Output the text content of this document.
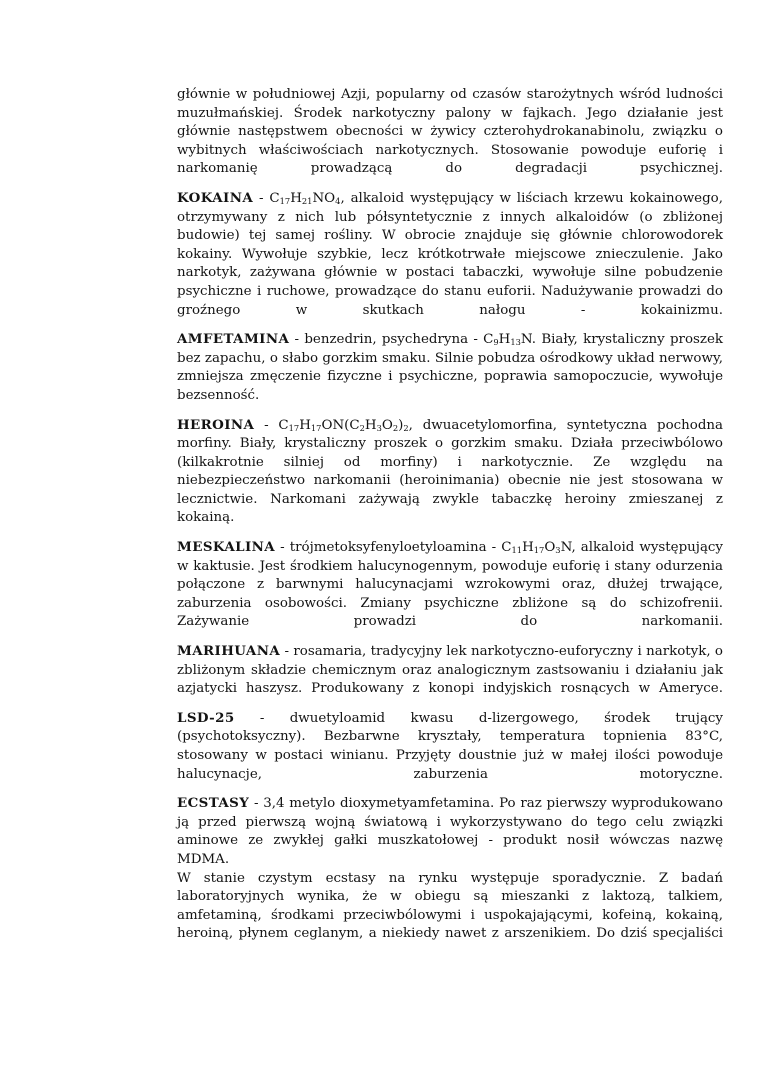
głównie w południowej Azji, popularny od czasów starożytnych wśród ludności muzułmańskiej. Środek narkotyczny palony w fajkach. Jego działanie jest głównie następstwem obecności w żywicy czterohydrokanabinolu, związku o wybitnych właściwościach narkotycznych. Stosowanie powoduje euforię i narkomanię prowadzącą do degradacji psychicznej.

KOKAINA - $C_{17}H_{21}NO_4$, alkaloid występujący w liściach krzewu kokainowego, otrzymywany z nich lub półsyntetycznie z innych alkaloidów (o zbliżonej budowie) tej samej rośliny. W obrocie znajduje się głównie chlorowodorek kokainy. Wywołuje szybkie, lecz krótkotrwałe miejscowe znieczulenie. Jako narkotyk, zażywana głównie w postaci tabaczki, wywołuje silne pobudzenie psychiczne i ruchowe, prowadzące do stanu euforii. Nadużywanie prowadzi do groźnego w skutkach nałogu - kokainizmu.

AMFETAMINA - benzedrin, psychedryna - $C_9H_{13}N$. Biały, krystaliczny proszek bez zapachu, o słabo gorzkim smaku. Silnie pobudza ośrodkowy układ nerwowy, zmniejsza zmęczenie fizyczne i psychiczne, poprawia samopoczucie, wywołuje bezsenność.

HEROINA - $C_{17}H_{17}ON(C_2H_3O_2)_2$, dwuacetylomorfina, syntetyczna pochodna morfiny. Biały, krystaliczny proszek o gorzkim smaku. Działa przeciwbólowo (kilkakrotnie silniej od morfiny) i narkotycznie. Ze względu na niebezpieczeństwo narkomanii (heroinimania) obecnie nie jest stosowana w lecznictwie. Narkomani zażywają zwykle tabaczkę heroiny zmieszanej z kokainą.

MESKALINA - trójmetoksyfenyloetyloamina - $C_{11}H_{17}O_3N$, alkaloid występujący w kaktusie. Jest środkiem halucynogennym, powoduje euforię i stany odurzenia połączone z barwnymi halucynacjami wzrokowymi oraz, dłużej trwające, zaburzenia osobowości. Zmiany psychiczne zbliżone są do schizofrenii. Zażywanie prowadzi do narkomanii.

MARIHUANA - rosamaria, tradycyjny lek narkotyczno-euforyczny i narkotyk, o zbliżonym składzie chemicznym oraz analogicznym zastsowaniu i działaniu jak azjatycki haszysz. Produkowany z konopi indyjskich rosnących w Ameryce.

LSD-25 - dwuetyloamid kwasu d-lizergowego, środek trujący (psychotoksyczny). Bezbarwne kryształy, temperatura topnienia 83°C, stosowany w postaci winianu. Przyjęty doustnie już w małej ilości powoduje halucynacje, zaburzenia motoryczne.

ECSTASY - 3,4 metylo dioxymetyamfetamina. Po raz pierwszy wyprodukowano ją przed pierwszą wojną światową i wykorzystywano do tego celu związki aminowe ze zwykłej gałki muszkatołowej - produkt nosił wówczas nazwę MDMA.
W stanie czystym ecstasy na rynku występuje sporadycznie. Z badań laboratoryjnych wynika, że w obiegu są mieszanki z laktozą, talkiem, amfetaminą, środkami przeciwbólowymi i uspokajającymi, kofeiną, kokainą, heroiną, płynem ceglanym, a niekiedy nawet z arszenikiem. Do dziś specjaliści
